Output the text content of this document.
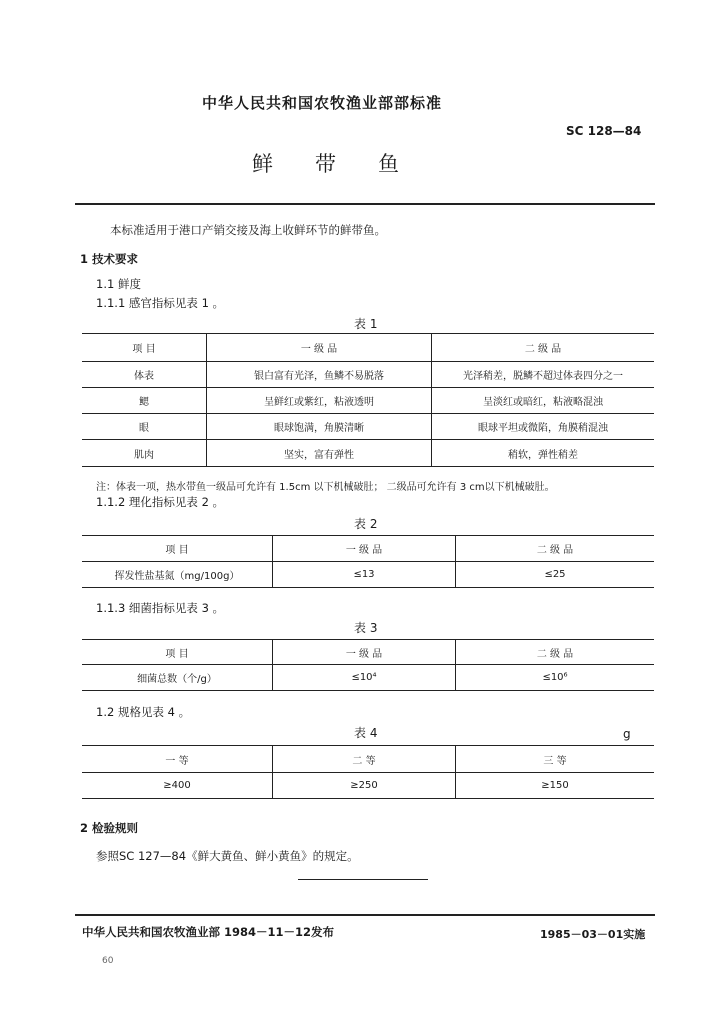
中华人民共和国农牧渔业部部标准
SC 128—84
鲜带鱼
本标准适用于港口产销交接及海上收鲜环节的鲜带鱼。
1 技术要求
1.1 鲜度
1.1.1 感官指标见表 1 。
表 1
项 目	一 级 品	二 级 品
体表	银白富有光泽，鱼鳞不易脱落	光泽稍差，脱鳞不超过体表四分之一
鳃	呈鲜红或紫红，粘液透明	呈淡红或暗红，粘液略混浊
眼	眼球饱满，角膜清晰	眼球平坦或微陷，角膜稍混浊
肌肉	坚实，富有弹性	稍软，弹性稍差
注：体表一项，热水带鱼一级品可允许有 1.5cm 以下机械破肚； 二级品可允许有 3 cm以下机械破肚。
1.1.2 理化指标见表 2 。
表 2
项 目	一 级 品	二 级 品
挥发性盐基氮（mg/100g）	≤13	≤25
1.1.3 细菌指标见表 3 。
表 3
项 目	一 级 品	二 级 品
细菌总数（个/g）	≤10⁴	≤10⁶
1.2 规格见表 4 。
表 4	g
一 等	二 等	三 等
≥400	≥250	≥150
2 检验规则
参照SC 127—84《鲜大黄鱼、鲜小黄鱼》的规定。
中华人民共和国农牧渔业部 1984－11－12发布	1985－03－01实施
60
